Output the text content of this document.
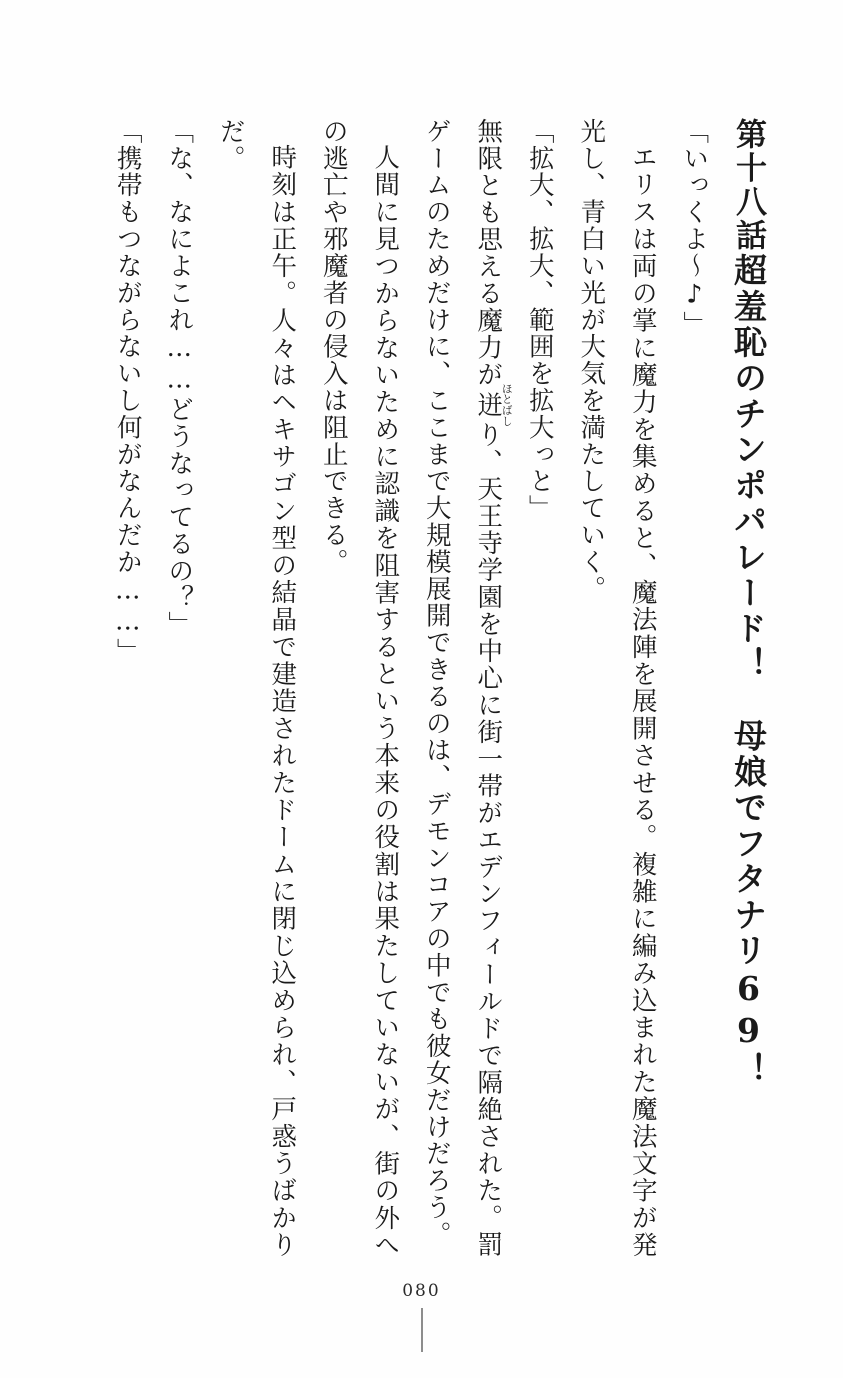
第十八話超羞恥のチンポパレード！　母娘でフタナリ69！

「いっくよ～♪」

エリスは両の掌に魔力を集めると、魔法陣を展開させる。複雑に編み込まれた魔法文字が発光し、青白い光が大気を満たしていく。

「拡大、拡大、範囲を拡大っと」

無限とも思える魔力が迸ほとばしり、天王寺学園を中心に街一帯がエデンフィールドで隔絶された。罰ゲームのためだけに、ここまで大規模展開できるのは、デモンコアの中でも彼女だけだろう。

人間に見つからないために認識を阻害するという本来の役割は果たしていないが、街の外への逃亡や邪魔者の侵入は阻止できる。

時刻は正午。人々はヘキサゴン型の結晶で建造されたドームに閉じ込められ、戸惑うばかりだ。

「な、なによこれ……どうなってるの？」

「携帯もつながらないし何がなんだか……」

080
